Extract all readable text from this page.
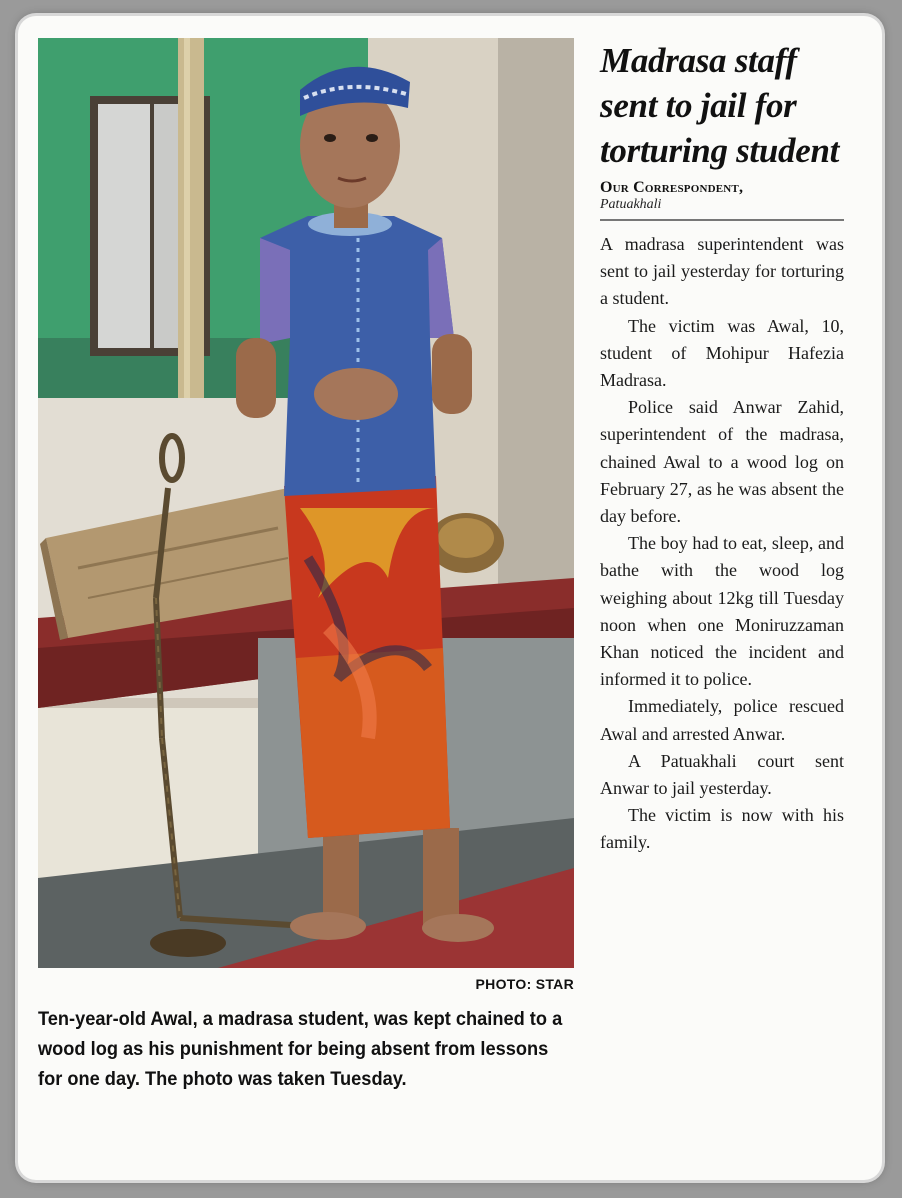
PHOTO: STAR
Ten-year-old Awal, a madrasa student, was kept chained to a wood log as his punishment for being absent from lessons for one day. The photo was taken Tuesday.
Madrasa staff sent to jail for torturing student
Our Correspondent,
Patuakhali

A madrasa superintendent was sent to jail yesterday for torturing a student.

The victim was Awal, 10, student of Mohipur Hafezia Madrasa.

Police said Anwar Zahid, superintendent of the madrasa, chained Awal to a wood log on February 27, as he was absent the day before.

The boy had to eat, sleep, and bathe with the wood log weighing about 12kg till Tuesday noon when one Moniruzzaman Khan noticed the incident and informed it to police.

Immediately, police rescued Awal and arrested Anwar.

A Patuakhali court sent Anwar to jail yesterday.

The victim is now with his family.
